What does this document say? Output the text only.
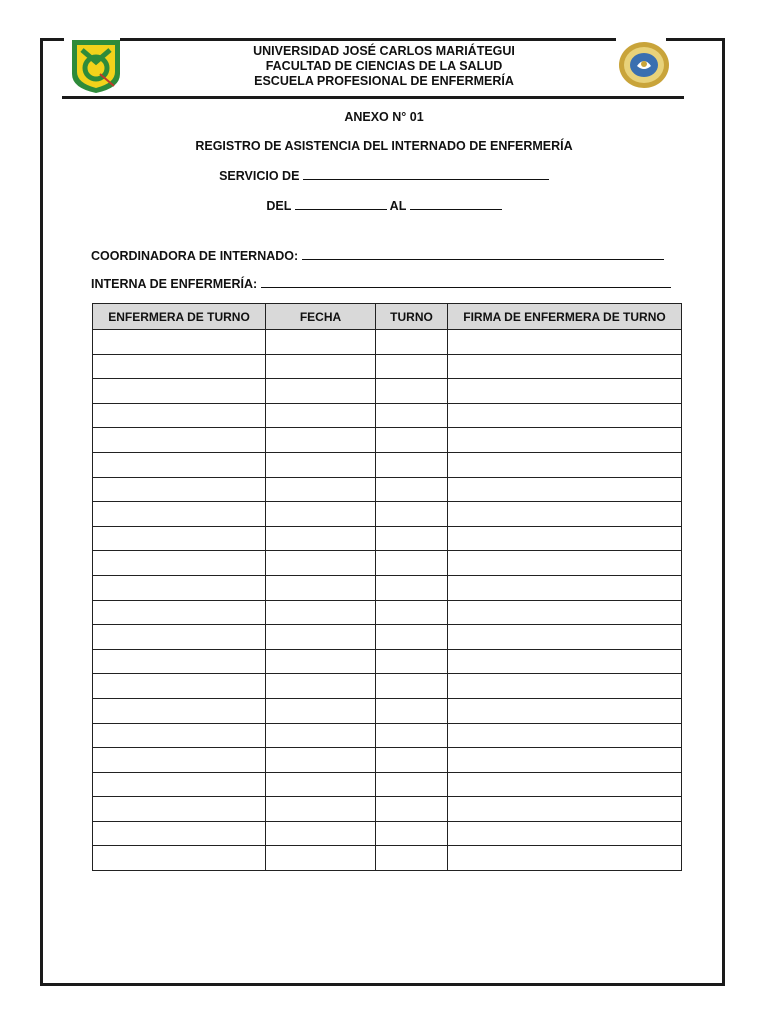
UNIVERSIDAD JOSÉ CARLOS MARIÁTEGUI
FACULTAD DE CIENCIAS DE LA SALUD
ESCUELA PROFESIONAL DE ENFERMERÍA
ANEXO N° 01
REGISTRO DE ASISTENCIA DEL INTERNADO DE ENFERMERÍA
SERVICIO DE
DEL	AL
COORDINADORA DE INTERNADO:
INTERNA DE ENFERMERÍA:
ENFERMERA DE TURNO	FECHA	TURNO	FIRMA DE ENFERMERA DE TURNO
